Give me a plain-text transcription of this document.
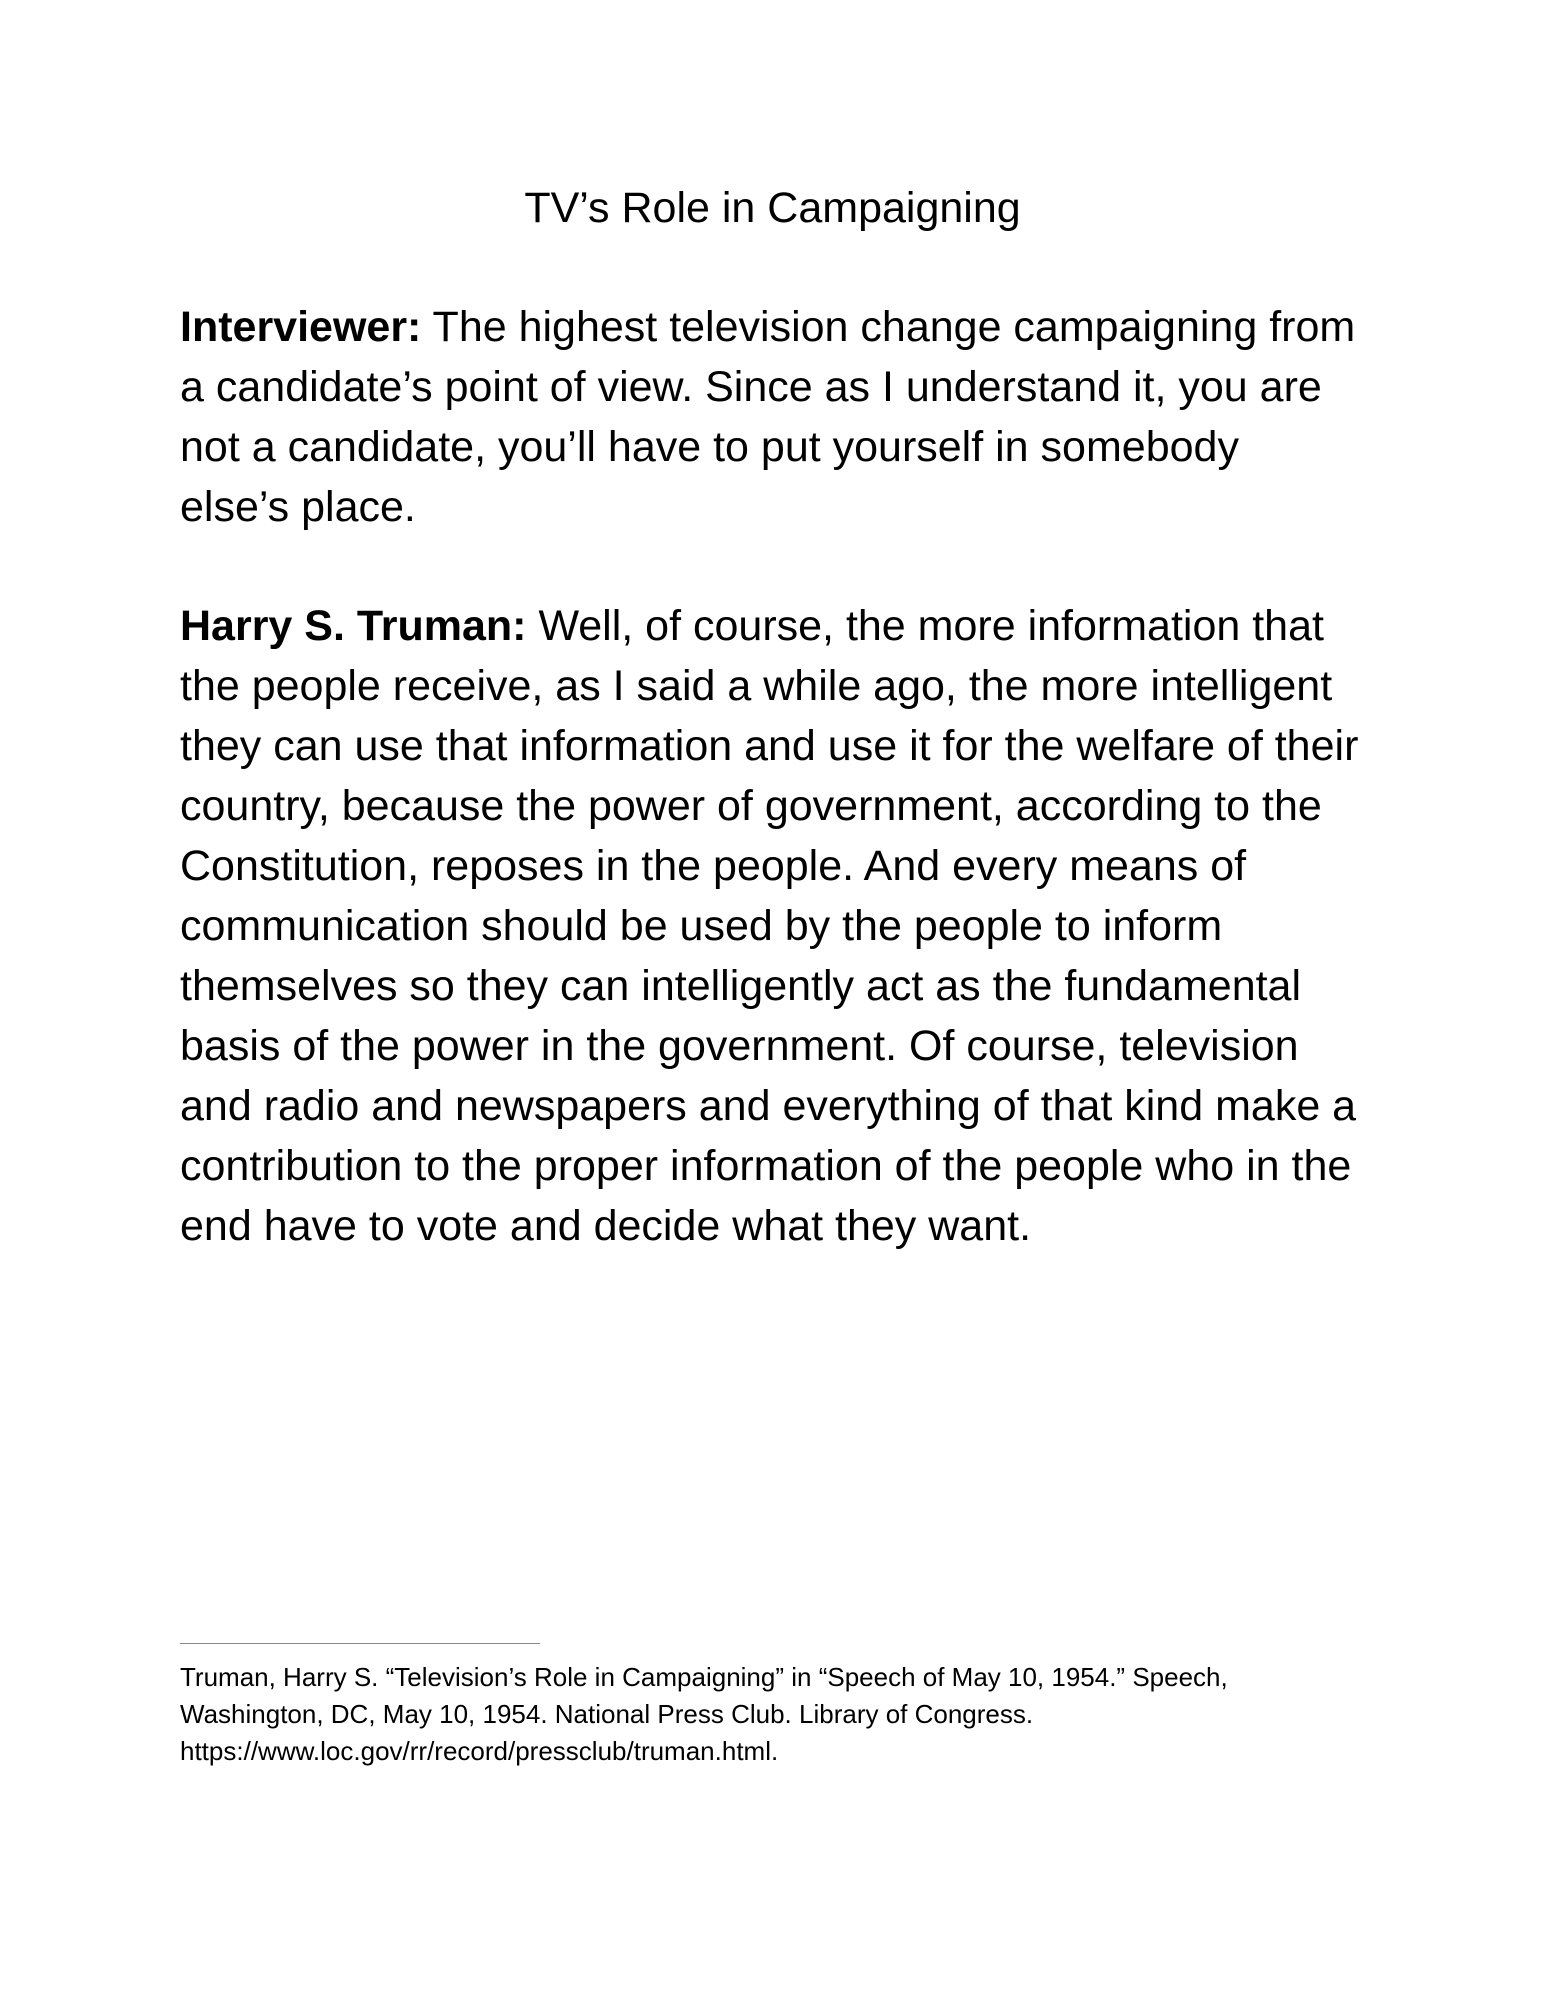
TV’s Role in Campaigning

Interviewer: The highest television change campaigning from a candidate’s point of view. Since as I understand it, you are not a candidate, you’ll have to put yourself in somebody else’s place.

Harry S. Truman: Well, of course, the more information that the people receive, as I said a while ago, the more intelligent they can use that information and use it for the welfare of their country, because the power of government, according to the Constitution, reposes in the people. And every means of communication should be used by the people to inform themselves so they can intelligently act as the fundamental basis of the power in the government. Of course, television and radio and newspapers and everything of that kind make a contribution to the proper information of the people who in the end have to vote and decide what they want.

Truman, Harry S. “Television’s Role in Campaigning” in “Speech of May 10, 1954.” Speech,
Washington, DC, May 10, 1954. National Press Club. Library of Congress.
https://www.loc.gov/rr/record/pressclub/truman.html.
